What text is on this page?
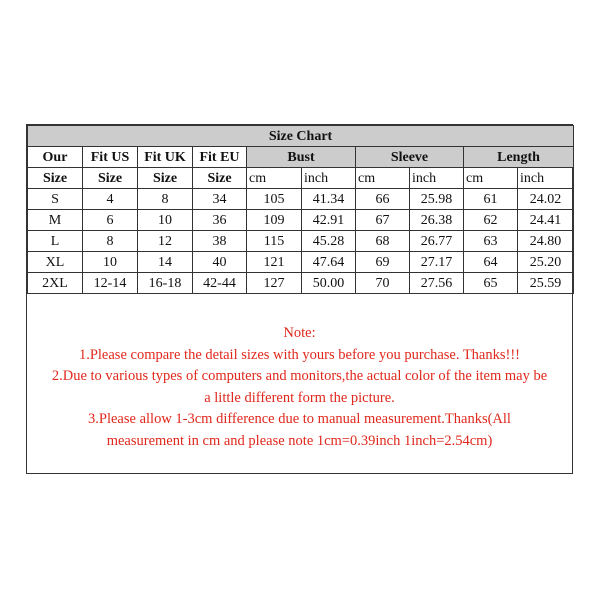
Size Chart									
Our	Fit US	Fit UK	Fit EU	Bust		Sleeve		Length	
Size	Size	Size	Size	cm	inch	cm	inch	cm	inch
S	4	8	34	105	41.34	66	25.98	61	24.02
M	6	10	36	109	42.91	67	26.38	62	24.41
L	8	12	38	115	45.28	68	26.77	63	24.80
XL	10	14	40	121	47.64	69	27.17	64	25.20
2XL	12-14	16-18	42-44	127	50.00	70	27.56	65	25.59
Note:
1.Please compare the detail sizes with yours before you purchase. Thanks!!!
2.Due to various types of computers and monitors,the actual color of the item may be
a little different form the picture.
3.Please allow 1-3cm difference due to manual measurement.Thanks(All
measurement in cm and please note 1cm=0.39inch 1inch=2.54cm)
